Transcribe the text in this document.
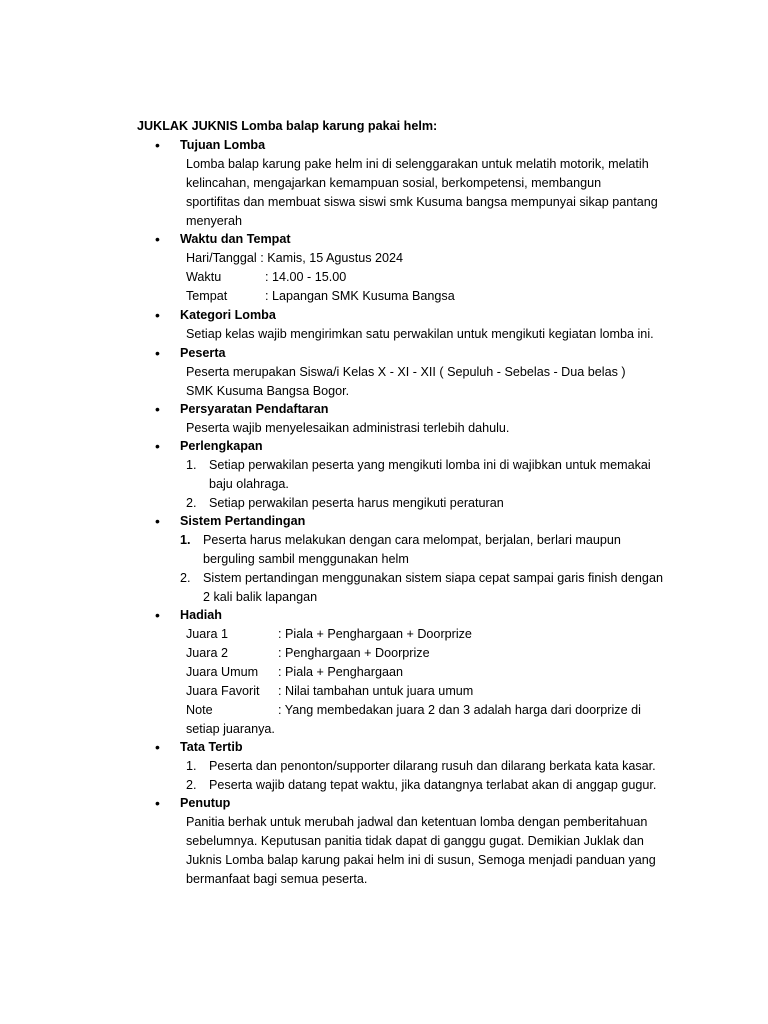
JUKLAK JUKNIS Lomba balap karung pakai helm:
• Tujuan Lomba
Lomba balap karung pake helm ini di selenggarakan untuk melatih motorik, melatih
kelincahan, mengajarkan kemampuan sosial, berkompetensi, membangun
sportifitas dan membuat siswa siswi smk Kusuma bangsa mempunyai sikap pantang
menyerah
• Waktu dan Tempat
Hari/Tanggal : Kamis, 15 Agustus 2024
Waktu	: 14.00 - 15.00
Tempat	: Lapangan SMK Kusuma Bangsa
• Kategori Lomba
Setiap kelas wajib mengirimkan satu perwakilan untuk mengikuti kegiatan lomba ini.
• Peserta
Peserta merupakan Siswa/i Kelas X - XI - XII ( Sepuluh - Sebelas - Dua belas )
SMK Kusuma Bangsa Bogor.
• Persyaratan Pendaftaran
Peserta wajib menyelesaikan administrasi terlebih dahulu.
• Perlengkapan
1. Setiap perwakilan peserta yang mengikuti lomba ini di wajibkan untuk memakai
baju olahraga.
2. Setiap perwakilan peserta harus mengikuti peraturan
• Sistem Pertandingan
1. Peserta harus melakukan dengan cara melompat, berjalan, berlari maupun
berguling sambil menggunakan helm
2. Sistem pertandingan menggunakan sistem siapa cepat sampai garis finish dengan
2 kali balik lapangan
• Hadiah
Juara 1	: Piala + Penghargaan + Doorprize
Juara 2	: Penghargaan + Doorprize
Juara Umum : Piala + Penghargaan
Juara Favorit : Nilai tambahan untuk juara umum
Note	: Yang membedakan juara 2 dan 3 adalah harga dari doorprize di
setiap juaranya.
• Tata Tertib
1. Peserta dan penonton/supporter dilarang rusuh dan dilarang berkata kata kasar.
2. Peserta wajib datang tepat waktu, jika datangnya terlabat akan di anggap gugur.
• Penutup
Panitia berhak untuk merubah jadwal dan ketentuan lomba dengan pemberitahuan
sebelumnya. Keputusan panitia tidak dapat di ganggu gugat. Demikian Juklak dan
Juknis Lomba balap karung pakai helm ini di susun, Semoga menjadi panduan yang
bermanfaat bagi semua peserta.
